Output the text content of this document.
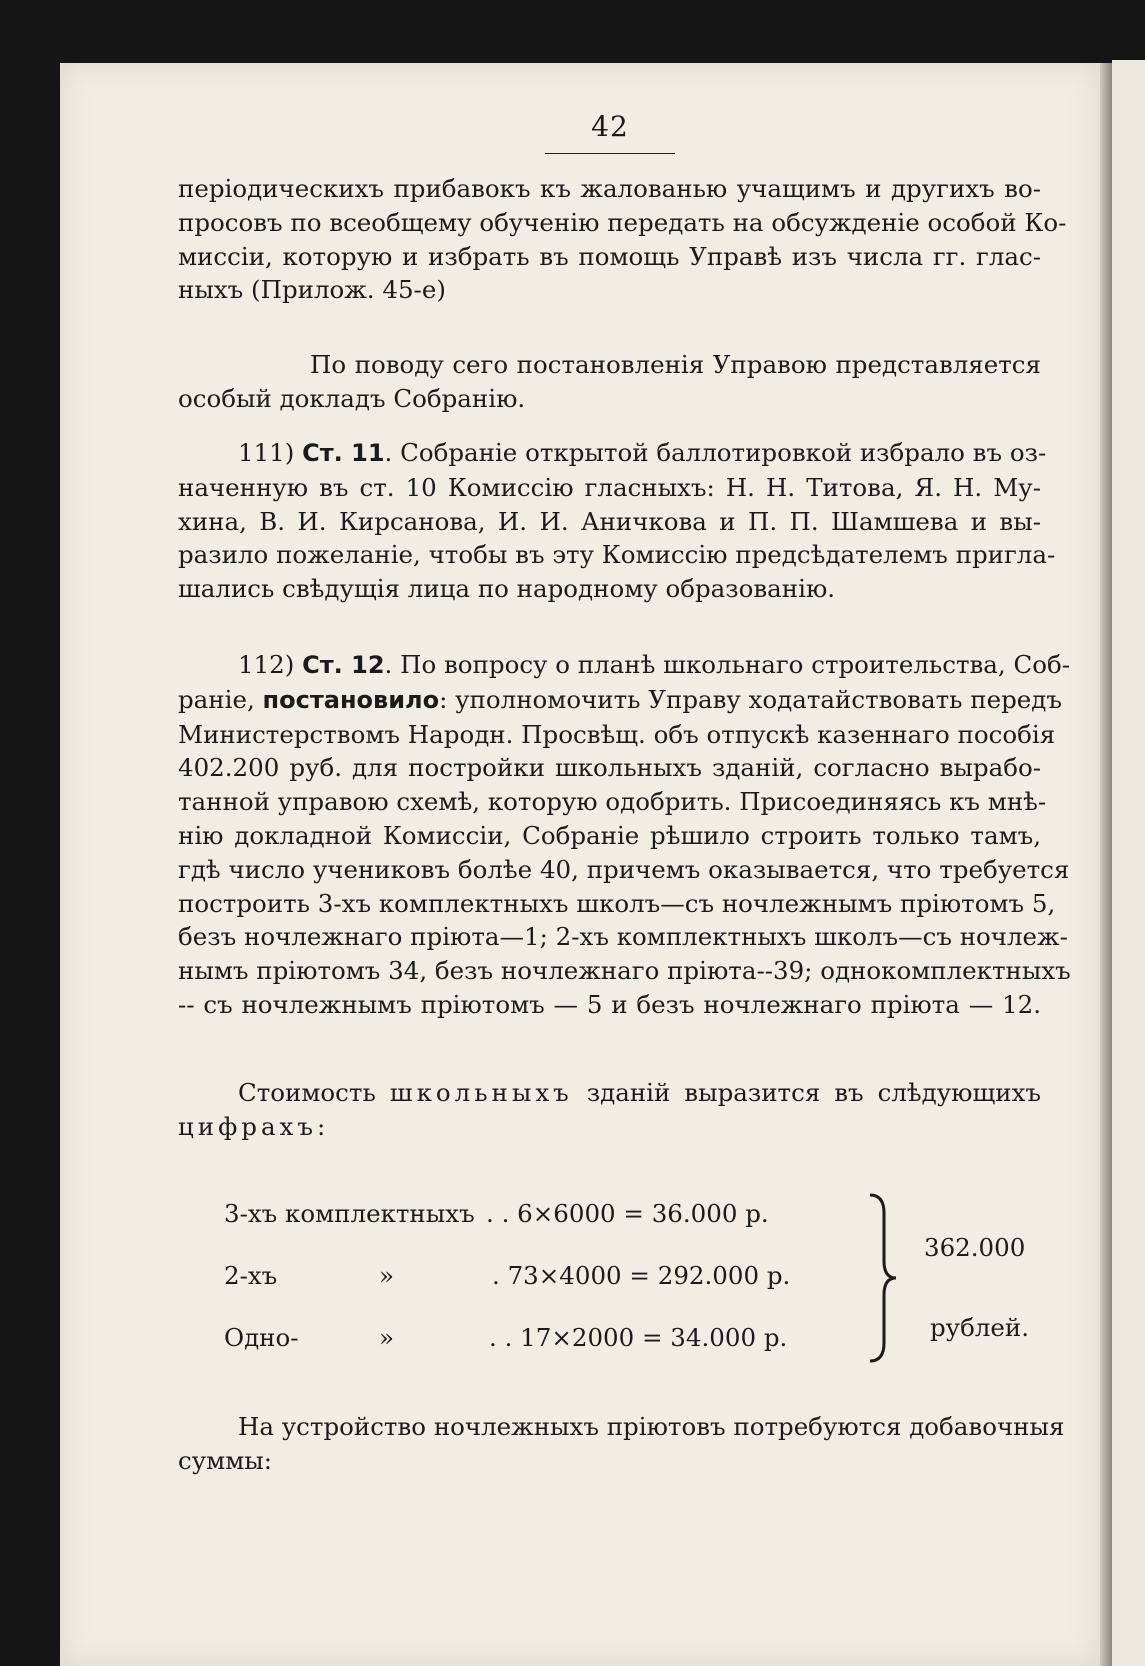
42
періодическихъ прибавокъ къ жалованью учащимъ и другихъ во-
просовъ по всеобщему обученію передать на обсужденіе особой Ко-
миссіи, которую и избрать въ помощь Управѣ изъ числа гг. глас-
ныхъ (Прилож. 45-е)
По поводу сего постановленія Управою представляется
особый докладъ Собранію.
111) Ст. 11. Собраніе открытой баллотировкой избрало въ оз-
наченную въ ст. 10 Комиссію гласныхъ: Н. Н. Титова, Я. Н. Му-
хина, В. И. Кирсанова, И. И. Аничкова и П. П. Шамшева и вы-
разило пожеланіе, чтобы въ эту Комиссію предсѣдателемъ пригла-
шались свѣдущія лица по народному образованію.
112) Ст. 12. По вопросу о планѣ школьнаго строительства, Соб-
раніе, постановило: уполномочить Управу ходатайствовать передъ
Министерствомъ Народн. Просвѣщ. объ отпускѣ казеннаго пособія
402.200 руб. для постройки школьныхъ зданій, согласно вырабо-
танной управою схемѣ, которую одобрить. Присоединяясь къ мнѣ-
нію докладной Комиссіи, Собраніе рѣшило строить только тамъ,
гдѣ число учениковъ болѣе 40, причемъ оказывается, что требуется
построить 3-хъ комплектныхъ школъ—съ ночлежнымъ пріютомъ 5,
безъ ночлежнаго пріюта—1; 2-хъ комплектныхъ школъ—съ ночлеж-
нымъ пріютомъ 34, безъ ночлежнаго пріюта--39; однокомплектныхъ
-- съ ночлежнымъ пріютомъ — 5 и безъ ночлежнаго пріюта — 12.
Стоимость школьныхъ зданій выразится въ слѣдующихъ
цифрахъ:
3-хъ комплектныхъ . . 6×6000 = 36.000 р.
2-хъ	»	. 73×4000 = 292.000 р.
Одно-	»	. . 17×2000 = 34.000 р.
362.000
рублей.
На устройство ночлежныхъ пріютовъ потребуются добавочныя
суммы:
